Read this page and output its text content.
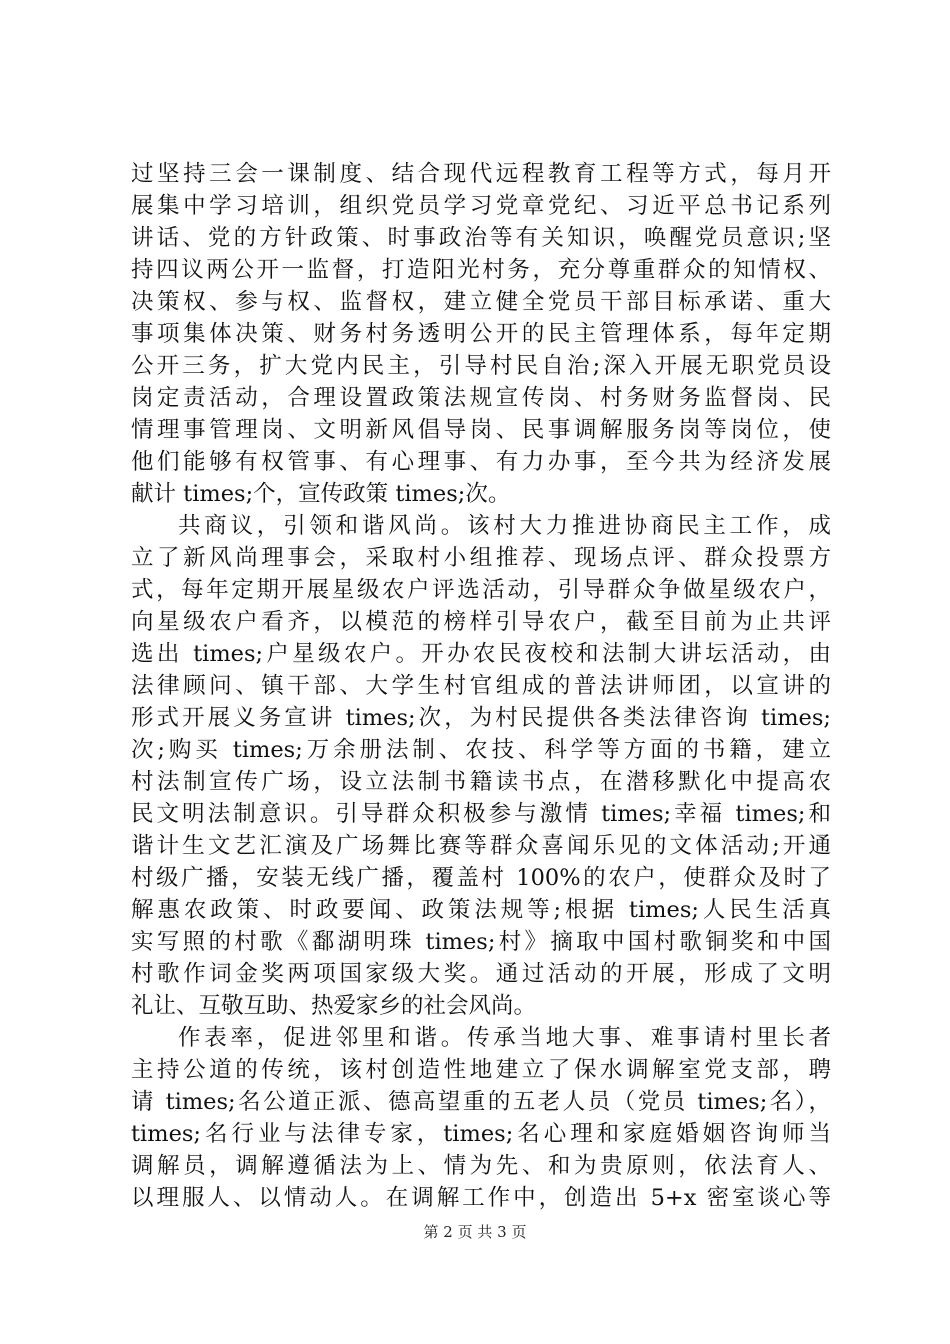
过坚持三会一课制度、结合现代远程教育工程等方式，每月开
展集中学习培训，组织党员学习党章党纪、习近平总书记系列
讲话、党的方针政策、时事政治等有关知识，唤醒党员意识;坚
持四议两公开一监督，打造阳光村务，充分尊重群众的知情权、
决策权、参与权、监督权，建立健全党员干部目标承诺、重大
事项集体决策、财务村务透明公开的民主管理体系，每年定期
公开三务，扩大党内民主，引导村民自治;深入开展无职党员设
岗定责活动，合理设置政策法规宣传岗、村务财务监督岗、民
情理事管理岗、文明新风倡导岗、民事调解服务岗等岗位，使
他们能够有权管事、有心理事、有力办事，至今共为经济发展
献计 times;个，宣传政策 times;次。
共商议，引领和谐风尚。该村大力推进协商民主工作，成
立了新风尚理事会，采取村小组推荐、现场点评、群众投票方
式，每年定期开展星级农户评选活动，引导群众争做星级农户，
向星级农户看齐，以模范的榜样引导农户，截至目前为止共评
选出 times;户星级农户。开办农民夜校和法制大讲坛活动，由
法律顾问、镇干部、大学生村官组成的普法讲师团，以宣讲的
形式开展义务宣讲 times;次，为村民提供各类法律咨询 times;
次;购买 times;万余册法制、农技、科学等方面的书籍，建立
村法制宣传广场，设立法制书籍读书点，在潜移默化中提高农
民文明法制意识。引导群众积极参与激情 times;幸福 times;和
谐计生文艺汇演及广场舞比赛等群众喜闻乐见的文体活动;开通
村级广播，安装无线广播，覆盖村 100%的农户，使群众及时了
解惠农政策、时政要闻、政策法规等;根据 times;人民生活真
实写照的村歌《鄱湖明珠 times;村》摘取中国村歌铜奖和中国
村歌作词金奖两项国家级大奖。通过活动的开展，形成了文明
礼让、互敬互助、热爱家乡的社会风尚。
作表率，促进邻里和谐。传承当地大事、难事请村里长者
主持公道的传统，该村创造性地建立了保水调解室党支部，聘
请 times;名公道正派、德高望重的五老人员（党员 times;名），
times;名行业与法律专家，times;名心理和家庭婚姻咨询师当
调解员，调解遵循法为上、情为先、和为贵原则，依法育人、
以理服人、以情动人。在调解工作中，创造出 5+x 密室谈心等
第 2 页 共 3 页
